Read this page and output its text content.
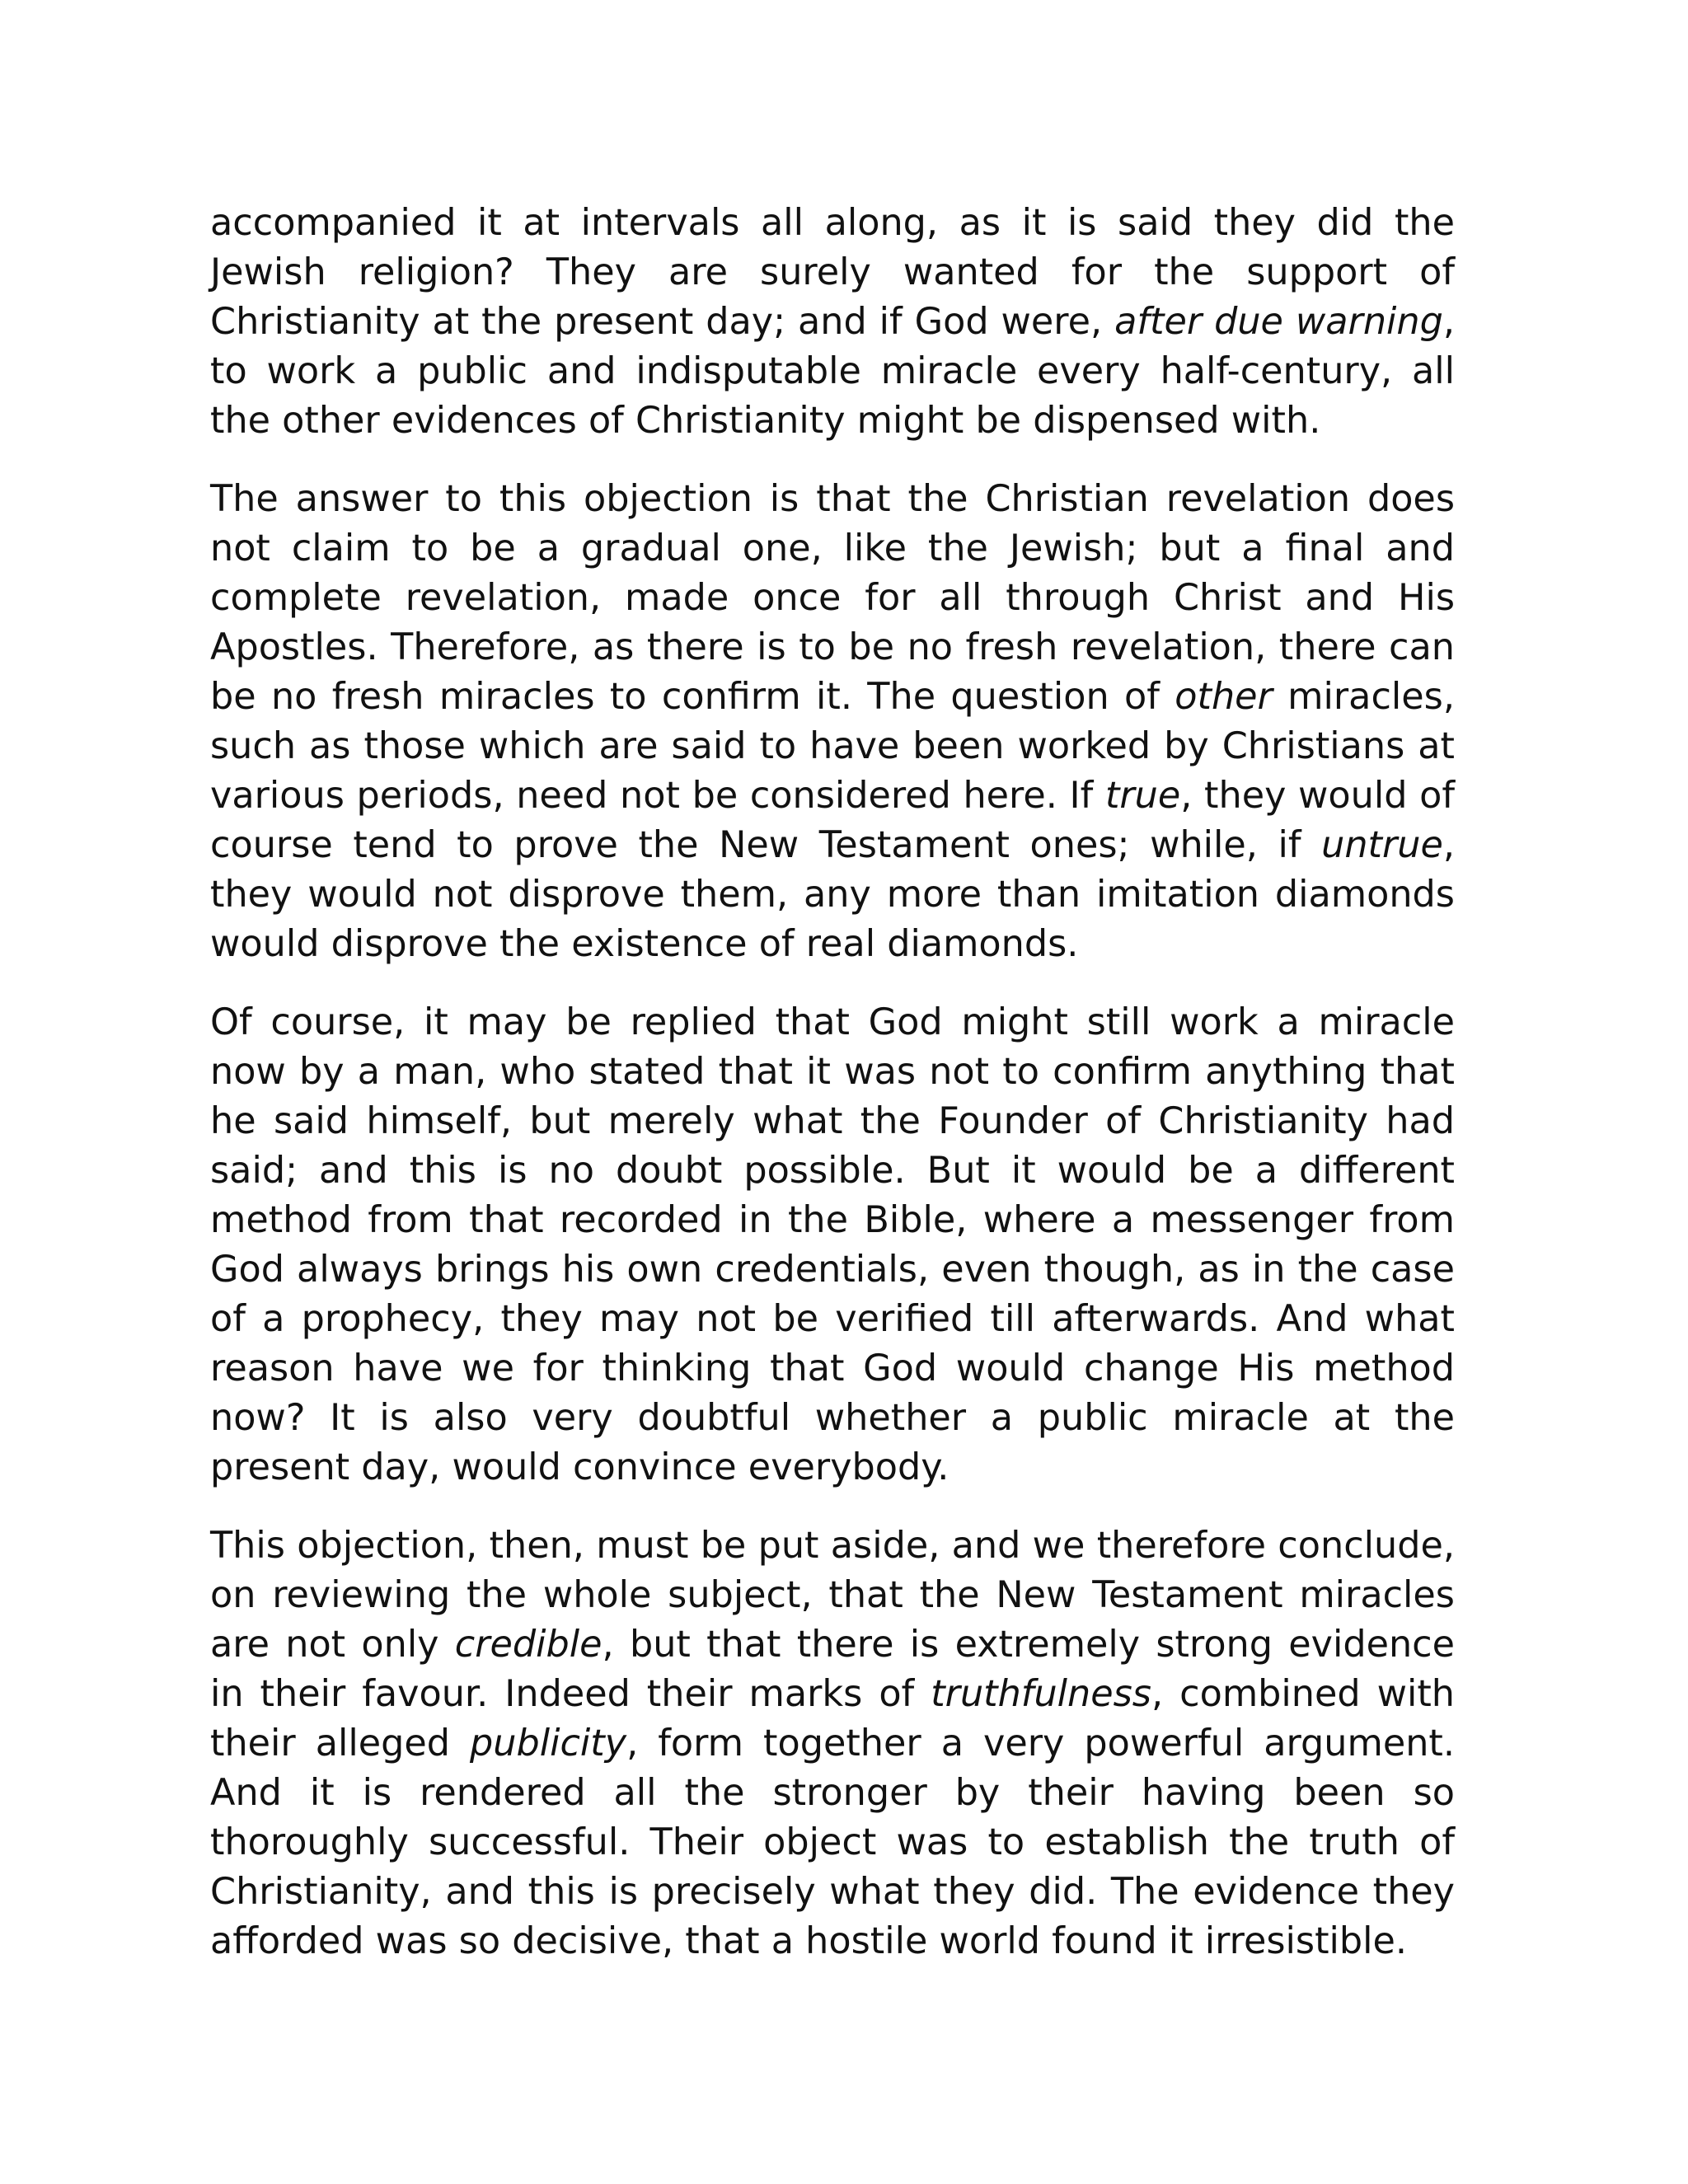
accompanied it at intervals all along, as it is said they did the Jewish religion? They are surely wanted for the support of Christianity at the present day; and if God were, after due warning, to work a public and indisputable miracle every half-century, all the other evidences of Christianity might be dispensed with.

The answer to this objection is that the Christian revelation does not claim to be a gradual one, like the Jewish; but a final and complete revelation, made once for all through Christ and His Apostles. Therefore, as there is to be no fresh revelation, there can be no fresh miracles to confirm it. The question of other miracles, such as those which are said to have been worked by Christians at various periods, need not be considered here. If true, they would of course tend to prove the New Testament ones; while, if untrue, they would not disprove them, any more than imitation diamonds would disprove the existence of real diamonds.

Of course, it may be replied that God might still work a miracle now by a man, who stated that it was not to confirm anything that he said himself, but merely what the Founder of Christianity had said; and this is no doubt possible. But it would be a different method from that recorded in the Bible, where a messenger from God always brings his own credentials, even though, as in the case of a prophecy, they may not be verified till afterwards. And what reason have we for thinking that God would change His method now? It is also very doubtful whether a public miracle at the present day, would convince everybody.

This objection, then, must be put aside, and we therefore conclude, on reviewing the whole subject, that the New Testament miracles are not only credible, but that there is extremely strong evidence in their favour. Indeed their marks of truthfulness, combined with their alleged publicity, form together a very powerful argument. And it is rendered all the stronger by their having been so thoroughly successful. Their object was to establish the truth of Christianity, and this is precisely what they did. The evidence they afforded was so decisive, that a hostile world found it irresistible.
